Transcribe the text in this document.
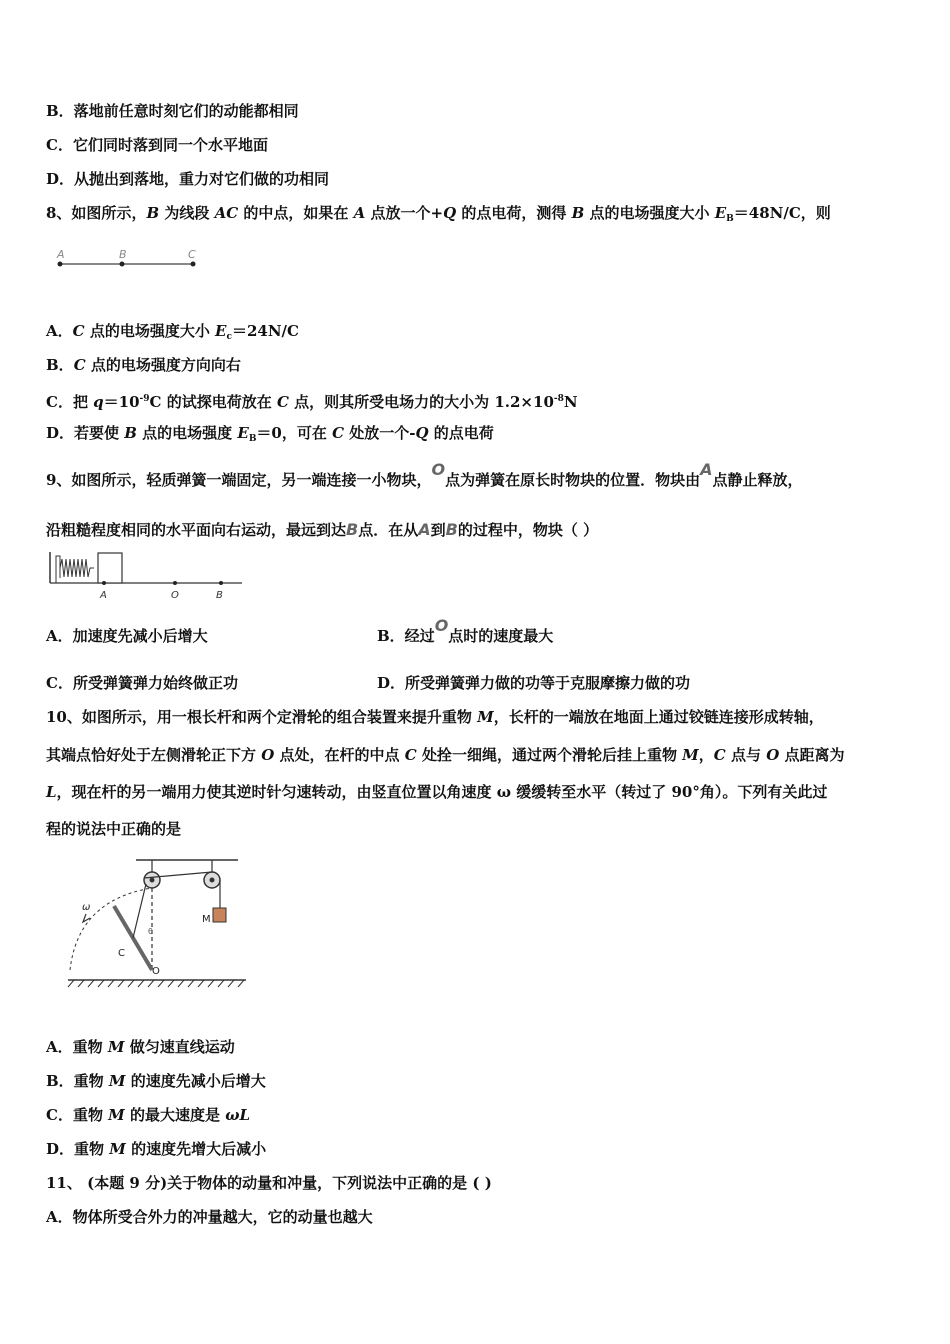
B．落地前任意时刻它们的动能都相同
C．它们同时落到同一个水平地面
D．从抛出到落地，重力对它们做的功相同
8、如图所示，B 为线段 AC 的中点，如果在 A 点放一个+Q 的点电荷，测得 B 点的电场强度大小 $E_B=48N/C$，则
A	B	C
A．C 点的电场强度大小 $E_c=24N/C$
B．C 点的电场强度方向向右
C．把 $q=10^{-9}C$ 的试探电荷放在 C 点，则其所受电场力的大小为 $1.2\times 10^{-8}N$
D．若要使 B 点的电场强度 $E_B=0$，可在 C 处放一个-Q 的点电荷
9、如图所示，轻质弹簧一端固定，另一端连接一小物块，O点为弹簧在原长时物块的位置．物块由A点静止释放，
沿粗糙程度相同的水平面向右运动，最远到达B点．在从A到B的过程中，物块（ ）
A	O	B
A．加速度先减小后增大	B．经过O点时的速度最大
C．所受弹簧弹力始终做正功	D．所受弹簧弹力做的功等于克服摩擦力做的功
10、如图所示，用一根长杆和两个定滑轮的组合装置来提升重物 M，长杆的一端放在地面上通过铰链连接形成转轴，
其端点恰好处于左侧滑轮正下方 O 点处，在杆的中点 C 处拴一细绳，通过两个滑轮后挂上重物 M，C 点与 O 点距离为
L，现在杆的另一端用力使其逆时针匀速转动，由竖直位置以角速度 ω 缓缓转至水平（转过了 90°角）。下列有关此过
程的说法中正确的是
M
ω
θ
C
O
A．重物 M 做匀速直线运动
B．重物 M 的速度先减小后增大
C．重物 M 的最大速度是 ωL
D．重物 M 的速度先增大后减小
11、 (本题 9 分)关于物体的动量和冲量，下列说法中正确的是 ( )
A．物体所受合外力的冲量越大，它的动量也越大
